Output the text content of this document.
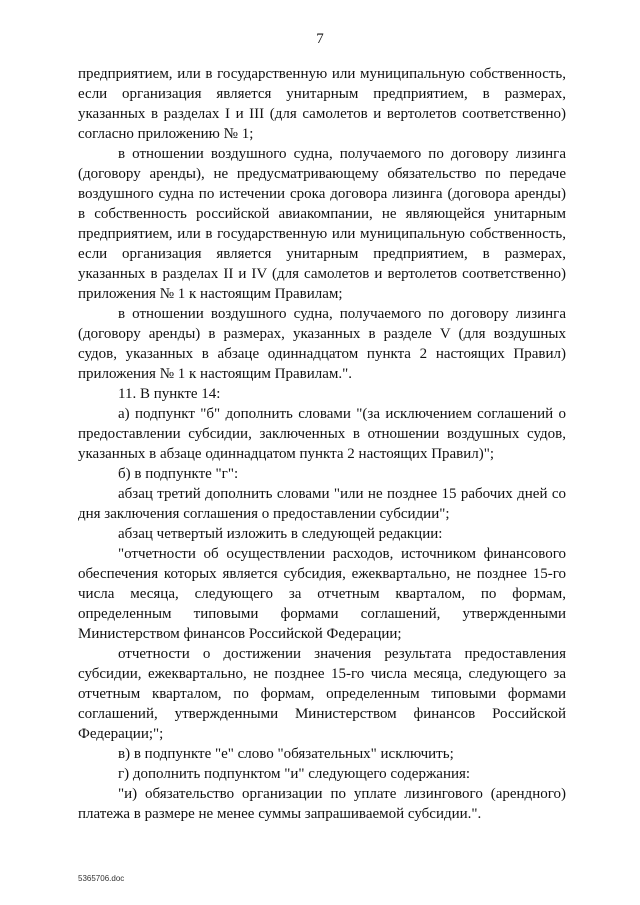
7

предприятием, или в государственную или муниципальную собственность, если организация является унитарным предприятием, в размерах, указанных в разделах I и III (для самолетов и вертолетов соответственно) согласно приложению № 1;

в отношении воздушного судна, получаемого по договору лизинга (договору аренды), не предусматривающему обязательство по передаче воздушного судна по истечении срока договора лизинга (договора аренды) в собственность российской авиакомпании, не являющейся унитарным предприятием, или в государственную или муниципальную собственность, если организация является унитарным предприятием, в размерах, указанных в разделах II и IV (для самолетов и вертолетов соответственно) приложения № 1 к настоящим Правилам;

в отношении воздушного судна, получаемого по договору лизинга (договору аренды) в размерах, указанных в разделе V (для воздушных судов, указанных в абзаце одиннадцатом пункта 2 настоящих Правил) приложения № 1 к настоящим Правилам.".

11. В пункте 14:

а) подпункт "б" дополнить словами "(за исключением соглашений о предоставлении субсидии, заключенных в отношении воздушных судов, указанных в абзаце одиннадцатом пункта 2 настоящих Правил)";

б) в подпункте "г":

абзац третий дополнить словами "или не позднее 15 рабочих дней со дня заключения соглашения о предоставлении субсидии";

абзац четвертый изложить в следующей редакции:

"отчетности об осуществлении расходов, источником финансового обеспечения которых является субсидия, ежеквартально, не позднее 15-го числа месяца, следующего за отчетным кварталом, по формам, определенным типовыми формами соглашений, утвержденными Министерством финансов Российской Федерации;

отчетности о достижении значения результата предоставления субсидии, ежеквартально, не позднее 15-го числа месяца, следующего за отчетным кварталом, по формам, определенным типовыми формами соглашений, утвержденными Министерством финансов Российской Федерации;";

в) в подпункте "е" слово "обязательных" исключить;

г) дополнить подпунктом "и" следующего содержания:

"и) обязательство организации по уплате лизингового (арендного) платежа в размере не менее суммы запрашиваемой субсидии.".

5365706.doc
